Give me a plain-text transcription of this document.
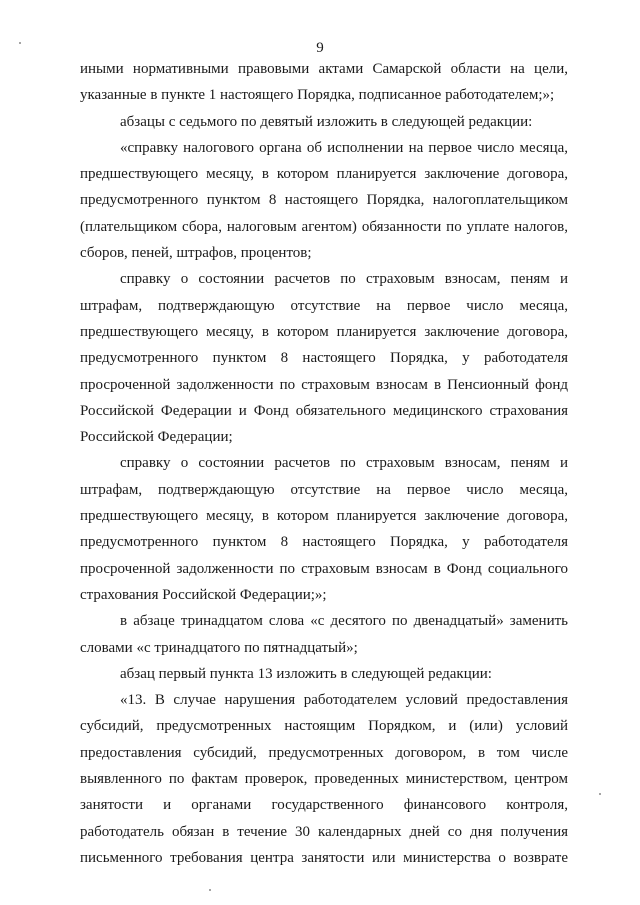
9
иными нормативными правовыми актами Самарской области на цели,
указанные в пункте 1 настоящего Порядка, подписанное работодателем;»;
абзацы с седьмого по девятый изложить в следующей редакции:
«справку налогового органа об исполнении на первое число месяца,
предшествующего месяцу, в котором планируется заключение договора,
предусмотренного пунктом 8 настоящего Порядка, налогоплательщиком
(плательщиком сбора, налоговым агентом) обязанности по уплате налогов,
сборов, пеней, штрафов, процентов;
справку о состоянии расчетов по страховым взносам, пеням и
штрафам, подтверждающую отсутствие на первое число месяца,
предшествующего месяцу, в котором планируется заключение договора,
предусмотренного пунктом 8 настоящего Порядка, у работодателя
просроченной задолженности по страховым взносам в Пенсионный фонд
Российской Федерации и Фонд обязательного медицинского страхования
Российской Федерации;
справку о состоянии расчетов по страховым взносам, пеням и
штрафам, подтверждающую отсутствие на первое число месяца,
предшествующего месяцу, в котором планируется заключение договора,
предусмотренного пунктом 8 настоящего Порядка, у работодателя
просроченной задолженности по страховым взносам в Фонд социального
страхования Российской Федерации;»;
в абзаце тринадцатом слова «с десятого по двенадцатый» заменить
словами «с тринадцатого по пятнадцатый»;
абзац первый пункта 13 изложить в следующей редакции:
«13. В случае нарушения работодателем условий предоставления
субсидий, предусмотренных настоящим Порядком, и (или) условий
предоставления субсидий, предусмотренных договором, в том числе
выявленного по фактам проверок, проведенных министерством, центром
занятости и органами государственного финансового контроля,
работодатель обязан в течение 30 календарных дней со дня получения
письменного требования центра занятости или министерства о возврате
